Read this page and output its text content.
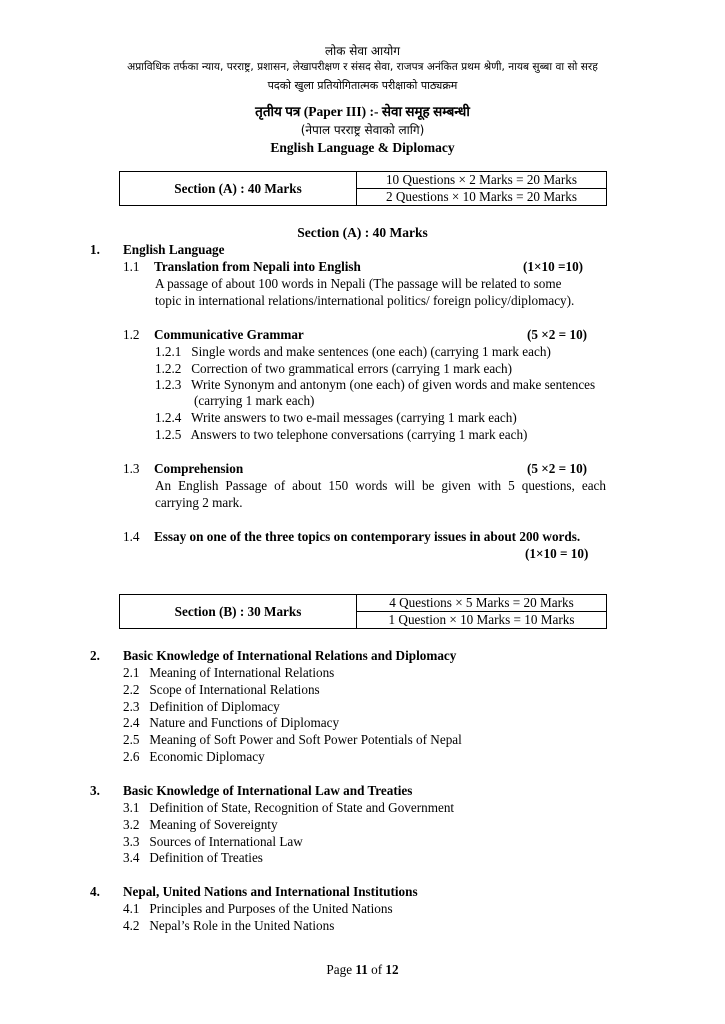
लोक सेवा आयोग
अप्राविधिक तर्फका न्याय, परराष्ट्र, प्रशासन, लेखापरीक्षण र संसद सेवा, राजपत्र अनंकित प्रथम श्रेणी, नायब सुब्बा वा सो सरह
पदको खुला प्रतियोगितात्मक परीक्षाको पाठ्यक्रम
तृतीय पत्र (Paper III) :- सेवा समूह सम्बन्धी
(नेपाल परराष्ट्र सेवाको लागि)
English Language & Diplomacy
Section (A) : 40 Marks	10 Questions × 2 Marks = 20 Marks
2 Questions × 10 Marks = 20 Marks
Section (A) : 40 Marks
1. English Language
1.1 Translation from Nepali into English	(1×10 =10)
A passage of about 100 words in Nepali (The passage will be related to some
topic in international relations/international politics/ foreign policy/diplomacy).
1.2 Communicative Grammar	(5 ×2 = 10)
1.2.1   Single words and make sentences (one each) (carrying 1 mark each)
1.2.2   Correction of two grammatical errors (carrying 1 mark each)
1.2.3   Write Synonym and antonym (one each) of given words and make sentences
(carrying 1 mark each)
1.2.4   Write answers to two e-mail messages (carrying 1 mark each)
1.2.5   Answers to two telephone conversations (carrying 1 mark each)
1.3 Comprehension	(5 ×2 = 10)
An English Passage of about 150 words will be given with 5 questions, each
carrying 2 mark.
1.4 Essay on one of the three topics on contemporary issues in about 200 words.
(1×10 = 10)
Section (B) : 30 Marks	4 Questions × 5 Marks = 20 Marks
1 Question × 10 Marks = 10 Marks
2. Basic Knowledge of International Relations and Diplomacy
2.1   Meaning of International Relations
2.2   Scope of International Relations
2.3   Definition of Diplomacy
2.4   Nature and Functions of Diplomacy
2.5   Meaning of Soft Power and Soft Power Potentials of Nepal
2.6   Economic Diplomacy
3. Basic Knowledge of International Law and Treaties
3.1   Definition of State, Recognition of State and Government
3.2   Meaning of Sovereignty
3.3   Sources of International Law
3.4   Definition of Treaties
4. Nepal, United Nations and International Institutions
4.1   Principles and Purposes of the United Nations
4.2   Nepal’s Role in the United Nations
Page 11 of 12
